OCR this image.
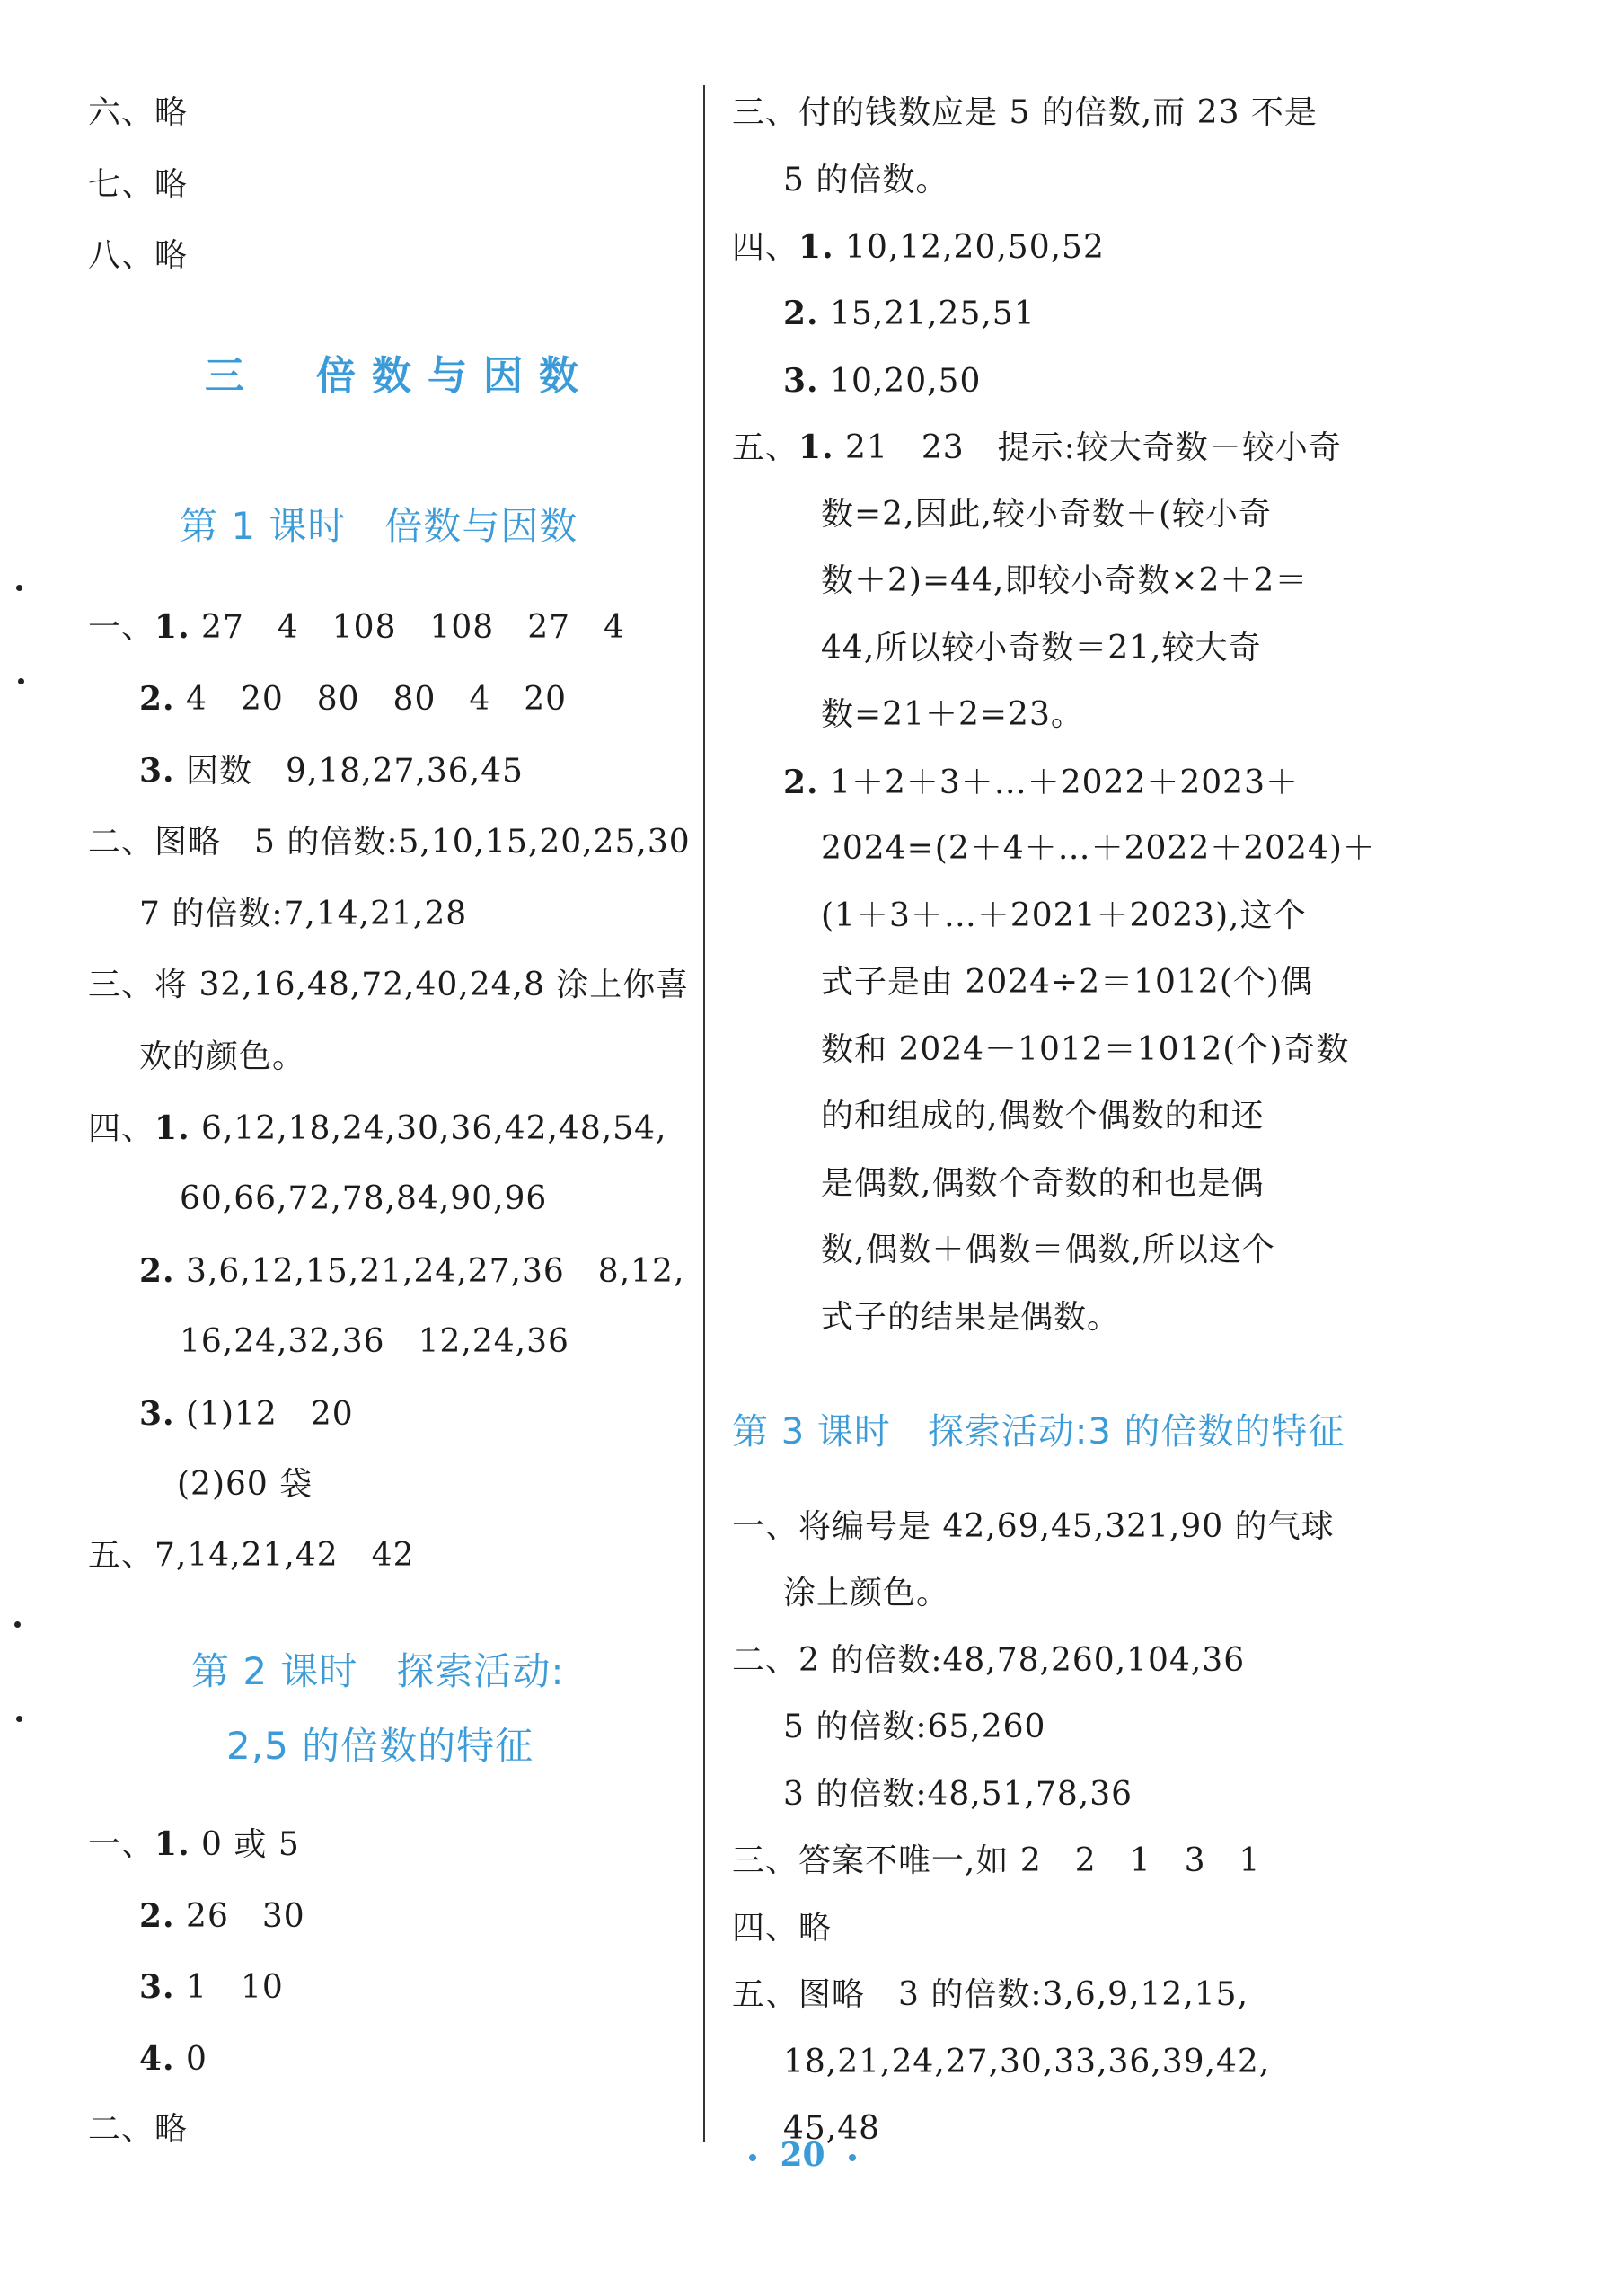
六、略
七、略
八、略
三　倍数与因数
第 1 课时　倍数与因数
一、1. 27　4　108　108　27　4
2. 4　20　80　80　4　20
3. 因数　9,18,27,36,45
二、图略　5 的倍数:5,10,15,20,25,30
7 的倍数:7,14,21,28
三、将 32,16,48,72,40,24,8 涂上你喜
欢的颜色。
四、1. 6,12,18,24,30,36,42,48,54,
60,66,72,78,84,90,96
2. 3,6,12,15,21,24,27,36　8,12,
16,24,32,36　12,24,36
3. (1)12　20
(2)60 袋
五、7,14,21,42　42
第 2 课时　探索活动:
2,5 的倍数的特征
一、1. 0 或 5
2. 26　30
3. 1　10
4. 0
二、略
三、付的钱数应是 5 的倍数,而 23 不是
5 的倍数。
四、1. 10,12,20,50,52
2. 15,21,25,51
3. 10,20,50
五、1. 21　23　提示:较大奇数－较小奇
数=2,因此,较小奇数＋(较小奇
数＋2)=44,即较小奇数×2＋2＝
44,所以较小奇数＝21,较大奇
数=21＋2=23。
2. 1＋2＋3＋…＋2022＋2023＋
2024=(2＋4＋…＋2022＋2024)＋
(1＋3＋…＋2021＋2023),这个
式子是由 2024÷2＝1012(个)偶
数和 2024－1012＝1012(个)奇数
的和组成的,偶数个偶数的和还
是偶数,偶数个奇数的和也是偶
数,偶数＋偶数＝偶数,所以这个
式子的结果是偶数。
第 3 课时　探索活动:3 的倍数的特征
一、将编号是 42,69,45,321,90 的气球
涂上颜色。
二、2 的倍数:48,78,260,104,36
5 的倍数:65,260
3 的倍数:48,51,78,36
三、答案不唯一,如 2　2　1　3　1
四、略
五、图略　3 的倍数:3,6,9,12,15,
18,21,24,27,30,33,36,39,42,
45,48
20
